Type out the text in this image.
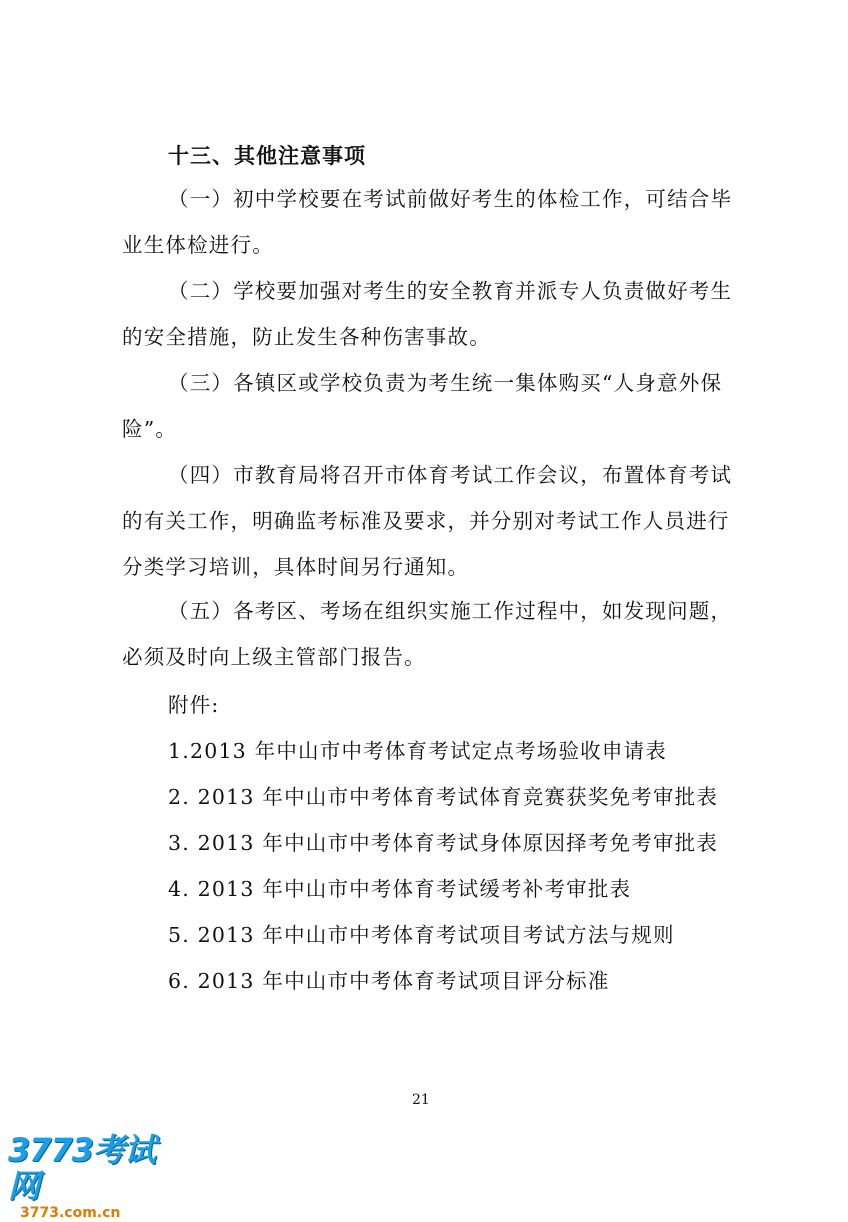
十三、其他注意事项
（一）初中学校要在考试前做好考生的体检工作，可结合毕业生体检进行。
（二）学校要加强对考生的安全教育并派专人负责做好考生的安全措施，防止发生各种伤害事故。
（三）各镇区或学校负责为考生统一集体购买“人身意外保险”。
（四）市教育局将召开市体育考试工作会议，布置体育考试的有关工作，明确监考标准及要求，并分别对考试工作人员进行分类学习培训，具体时间另行通知。
（五）各考区、考场在组织实施工作过程中，如发现问题，必须及时向上级主管部门报告。
附件:
1.2013 年中山市中考体育考试定点考场验收申请表
2. 2013 年中山市中考体育考试体育竞赛获奖免考审批表
3. 2013 年中山市中考体育考试身体原因择考免考审批表
4. 2013 年中山市中考体育考试缓考补考审批表
5. 2013 年中山市中考体育考试项目考试方法与规则
6. 2013 年中山市中考体育考试项目评分标准
21
3773考试网
3773.com.cn
